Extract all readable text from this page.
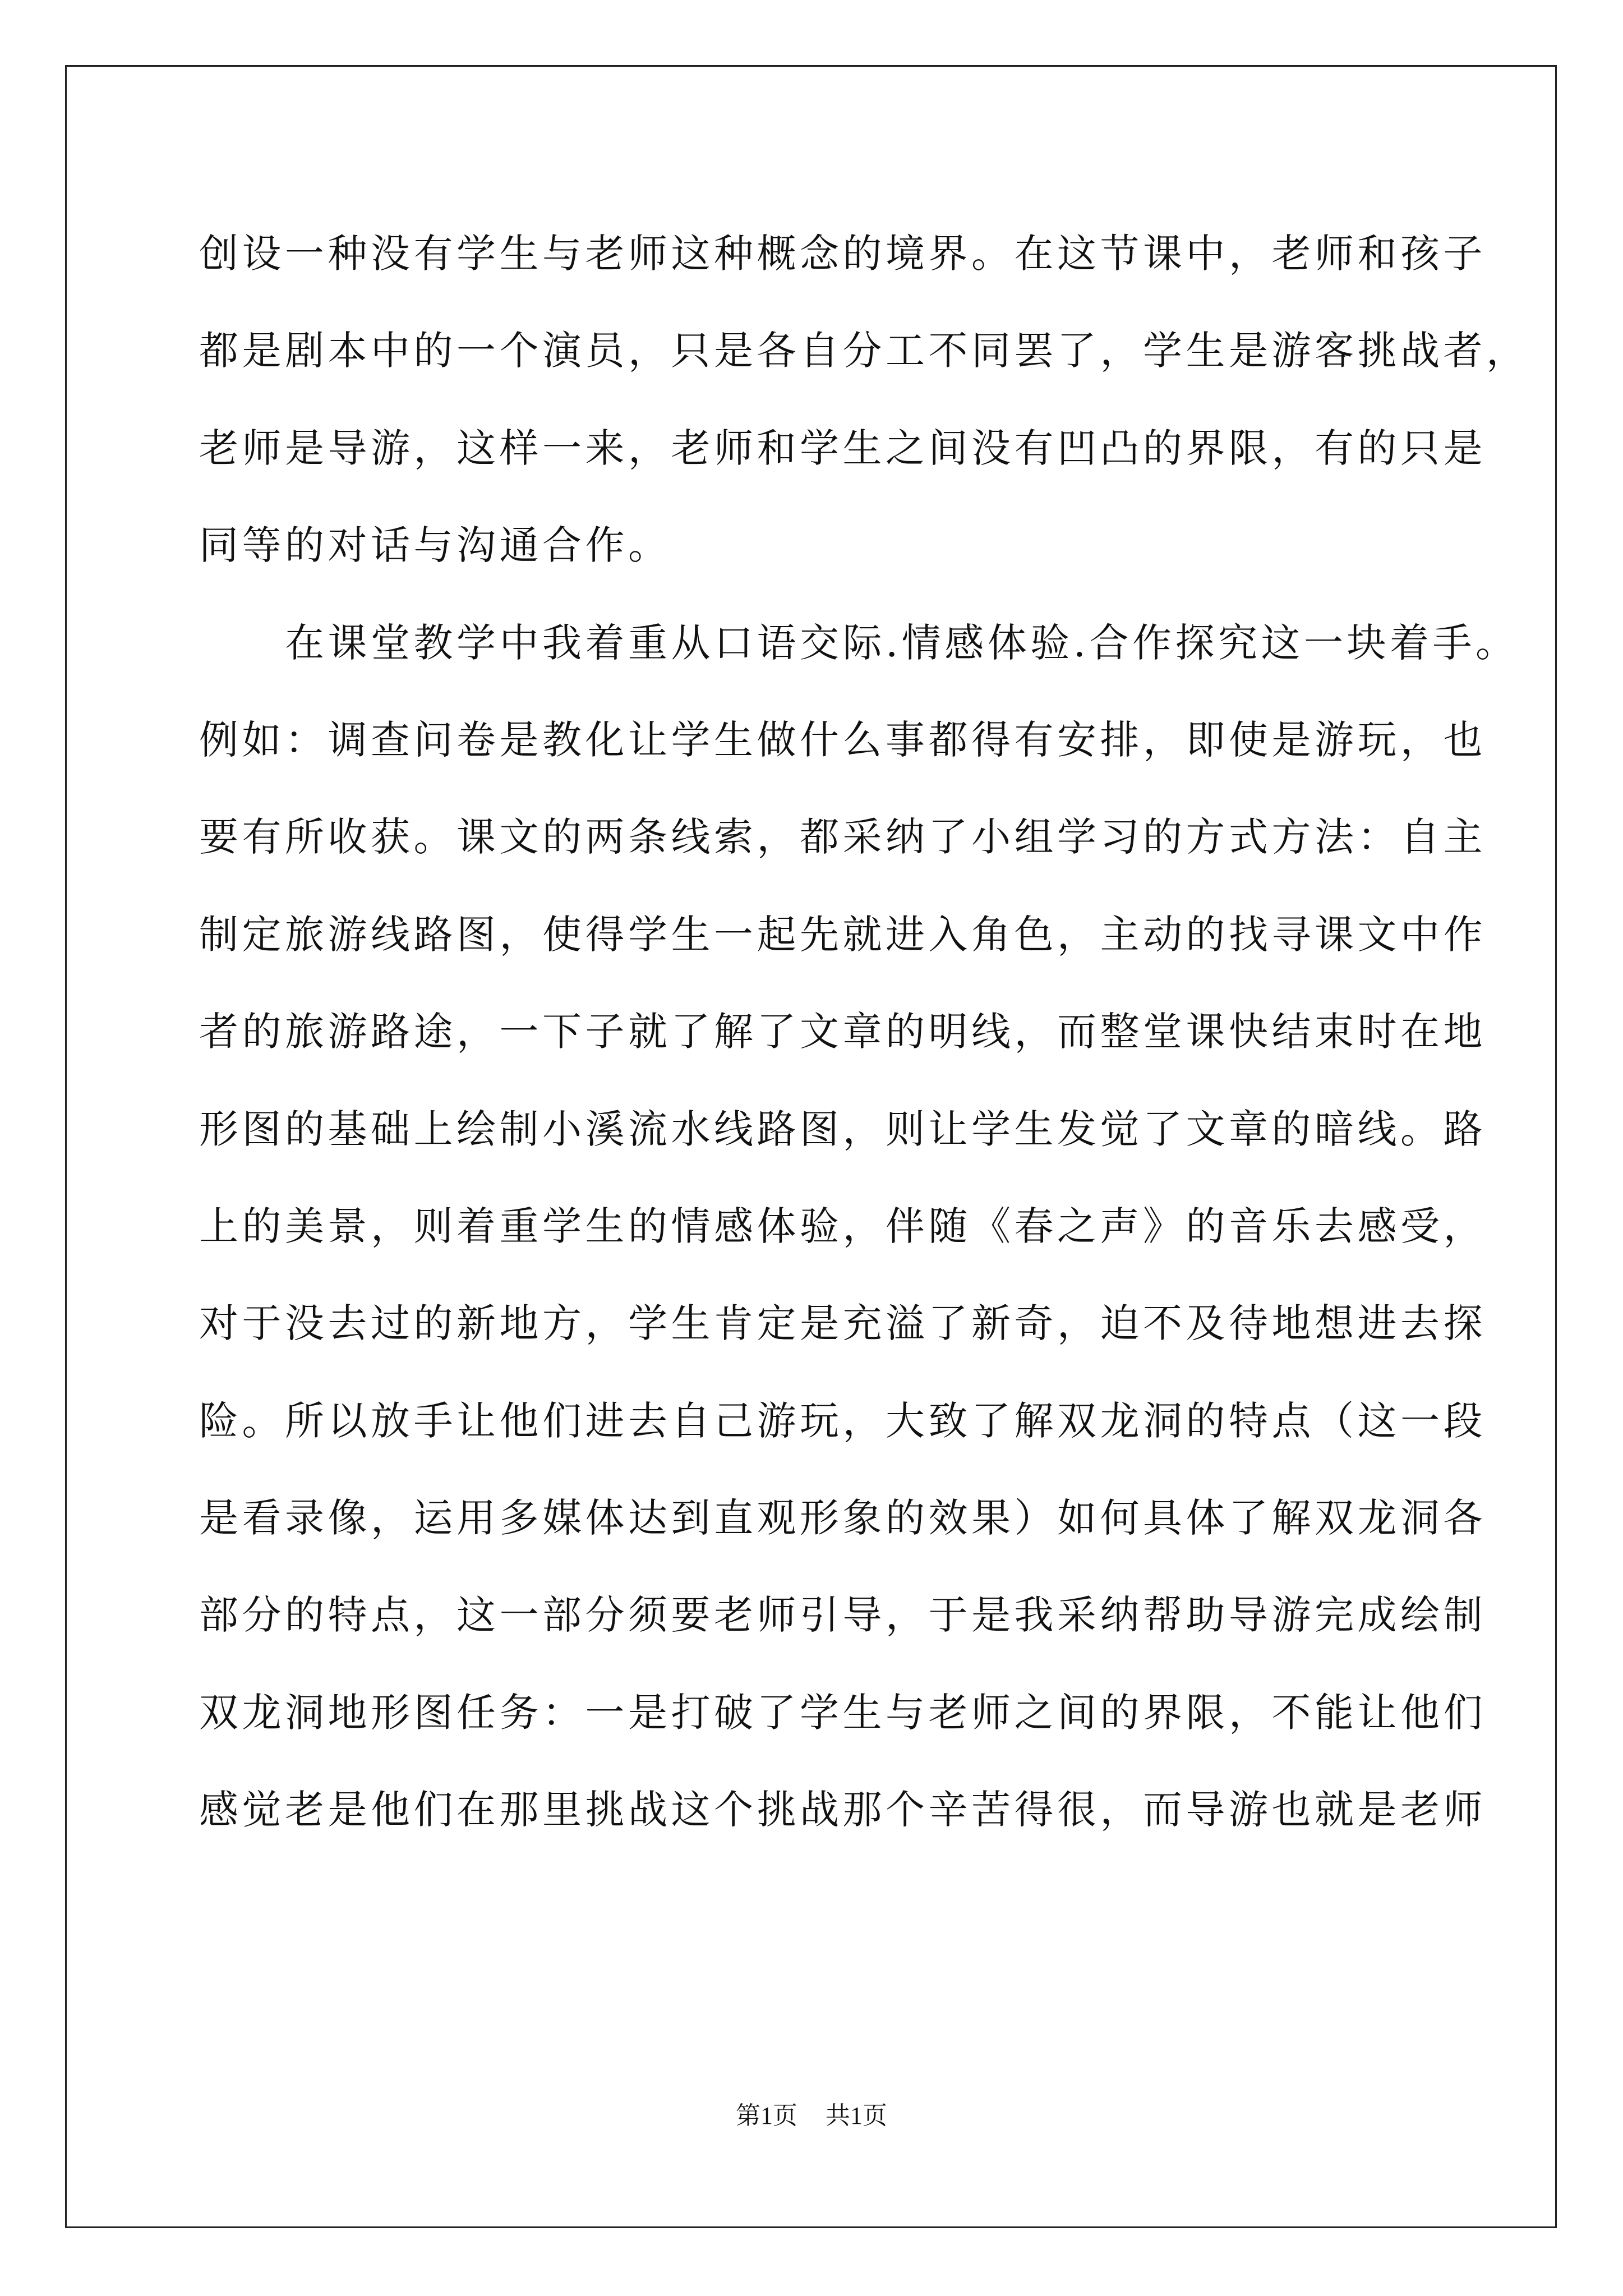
创设一种没有学生与老师这种概念的境界。在这节课中，老师和孩子
都是剧本中的一个演员，只是各自分工不同罢了，学生是游客挑战者，
老师是导游，这样一来，老师和学生之间没有凹凸的界限，有的只是
同等的对话与沟通合作。
　　在课堂教学中我着重从口语交际.情感体验.合作探究这一块着手。
例如：调查问卷是教化让学生做什么事都得有安排，即使是游玩，也
要有所收获。课文的两条线索，都采纳了小组学习的方式方法：自主
制定旅游线路图，使得学生一起先就进入角色，主动的找寻课文中作
者的旅游路途，一下子就了解了文章的明线，而整堂课快结束时在地
形图的基础上绘制小溪流水线路图，则让学生发觉了文章的暗线。路
上的美景，则着重学生的情感体验，伴随《春之声》的音乐去感受，
对于没去过的新地方，学生肯定是充溢了新奇，迫不及待地想进去探
险。所以放手让他们进去自己游玩，大致了解双龙洞的特点（这一段
是看录像，运用多媒体达到直观形象的效果）如何具体了解双龙洞各
部分的特点，这一部分须要老师引导，于是我采纳帮助导游完成绘制
双龙洞地形图任务：一是打破了学生与老师之间的界限，不能让他们
感觉老是他们在那里挑战这个挑战那个辛苦得很，而导游也就是老师
第1页 共1页
